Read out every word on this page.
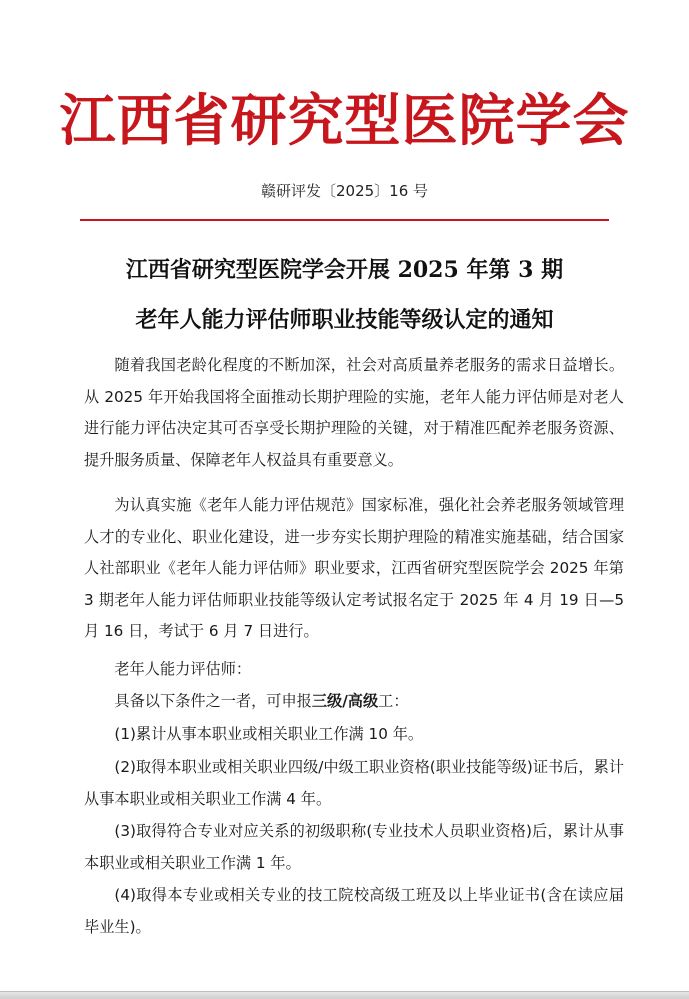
江西省研究型医院学会
赣研评发〔2025〕16 号
江西省研究型医院学会开展 2025 年第 3 期
老年人能力评估师职业技能等级认定的通知

随着我国老龄化程度的不断加深，社会对高质量养老服务的需求日益增长。从 2025 年开始我国将全面推动长期护理险的实施，老年人能力评估师是对老人进行能力评估决定其可否享受长期护理险的关键，对于精准匹配养老服务资源、提升服务质量、保障老年人权益具有重要意义。

为认真实施《老年人能力评估规范》国家标准，强化社会养老服务领域管理人才的专业化、职业化建设，进一步夯实长期护理险的精准实施基础，结合国家人社部职业《老年人能力评估师》职业要求，江西省研究型医院学会 2025 年第 3 期老年人能力评估师职业技能等级认定考试报名定于 2025 年 4 月 19 日—5 月 16 日，考试于 6 月 7 日进行。

老年人能力评估师：

具备以下条件之一者，可申报三级/高级工：

(1)累计从事本职业或相关职业工作满 10 年。

(2)取得本职业或相关职业四级/中级工职业资格(职业技能等级)证书后，累计从事本职业或相关职业工作满 4 年。

(3)取得符合专业对应关系的初级职称(专业技术人员职业资格)后，累计从事本职业或相关职业工作满 1 年。

(4)取得本专业或相关专业的技工院校高级工班及以上毕业证书(含在读应届毕业生)。
